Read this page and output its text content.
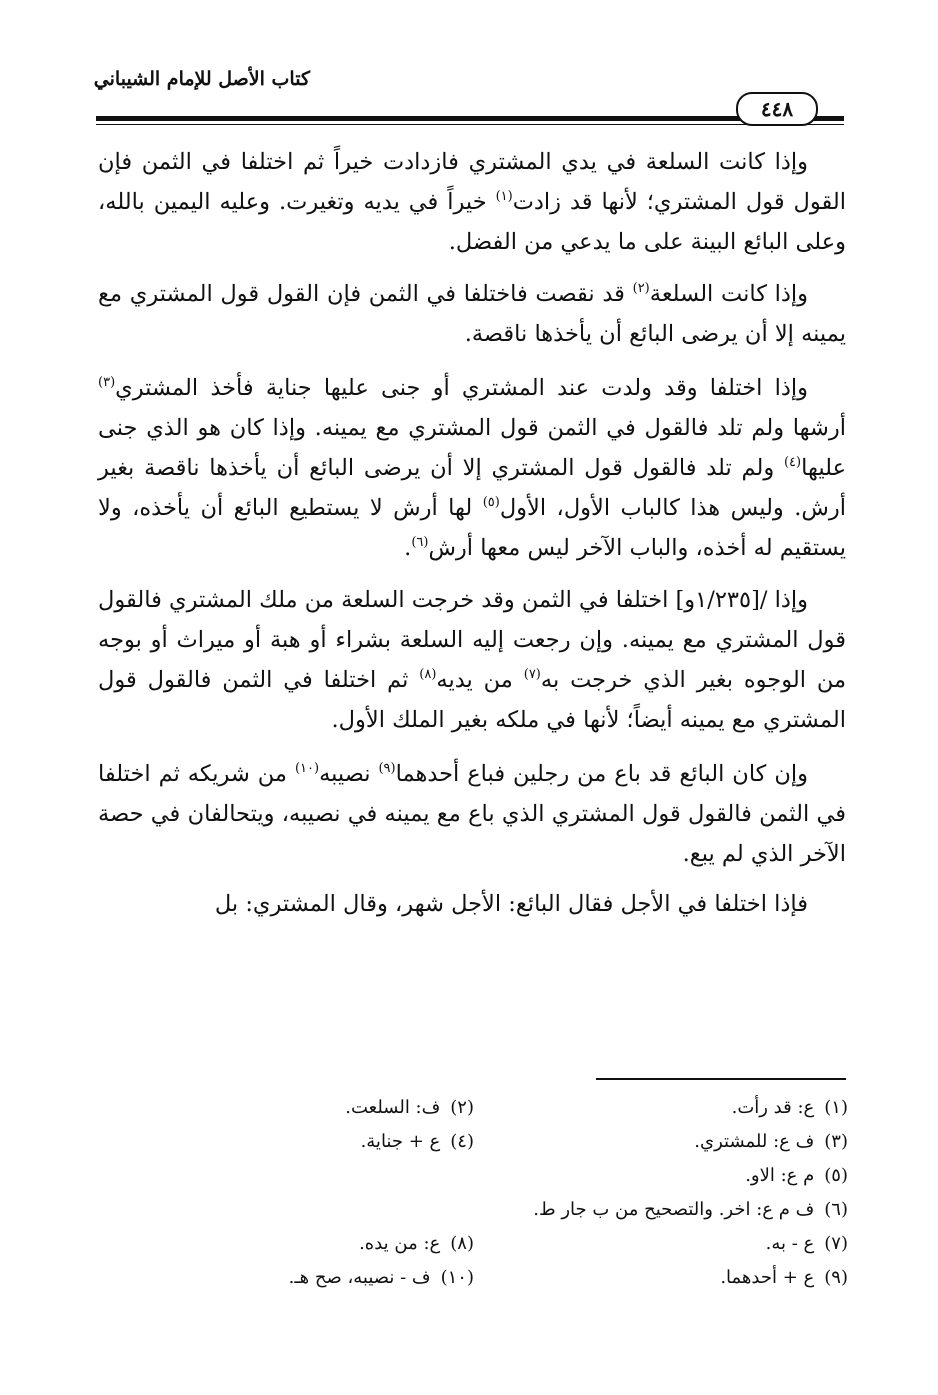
كتاب الأصل للإمام الشيباني
٤٤٨

وإذا كانت السلعة في يدي المشتري فازدادت خيراً ثم اختلفا في الثمن فإن القول قول المشتري؛ لأنها قد زادت$^{(١)}$ خيراً في يديه وتغيرت. وعليه اليمين بالله، وعلى البائع البينة على ما يدعي من الفضل.

وإذا كانت السلعة$^{(٢)}$ قد نقصت فاختلفا في الثمن فإن القول قول المشتري مع يمينه إلا أن يرضى البائع أن يأخذها ناقصة.

وإذا اختلفا وقد ولدت عند المشتري أو جنى عليها جناية فأخذ المشتري$^{(٣)}$ أرشها ولم تلد فالقول في الثمن قول المشتري مع يمينه. وإذا كان هو الذي جنى عليها$^{(٤)}$ ولم تلد فالقول قول المشتري إلا أن يرضى البائع أن يأخذها ناقصة بغير أرش. وليس هذا كالباب الأول، الأول$^{(٥)}$ لها أرش لا يستطيع البائع أن يأخذه، ولا يستقيم له أخذه، والباب الآخر ليس معها أرش$^{(٦)}$.

وإذا /[١/٢٣٥و] اختلفا في الثمن وقد خرجت السلعة من ملك المشتري فالقول قول المشتري مع يمينه. وإن رجعت إليه السلعة بشراء أو هبة أو ميراث أو بوجه من الوجوه بغير الذي خرجت به$^{(٧)}$ من يديه$^{(٨)}$ ثم اختلفا في الثمن فالقول قول المشتري مع يمينه أيضاً؛ لأنها في ملكه بغير الملك الأول.

وإن كان البائع قد باع من رجلين فباع أحدهما$^{(٩)}$ نصيبه$^{(١٠)}$ من شريكه ثم اختلفا في الثمن فالقول قول المشتري الذي باع مع يمينه في نصيبه، ويتحالفان في حصة الآخر الذي لم يبع.

فإذا اختلفا في الأجل فقال البائع: الأجل شهر، وقال المشتري: بل

(١)ع: قد رأت.
(٢)ف: السلعت.
(٣)ف ع: للمشتري.
(٤)ع + جناية.
(٥)م ع: الاو.
(٦)ف م ع: اخر. والتصحيح من ب جار ط.
(٧)ع - به.
(٨)ع: من يده.
(٩)ع + أحدهما.
(١٠)ف - نصيبه، صح هـ.
